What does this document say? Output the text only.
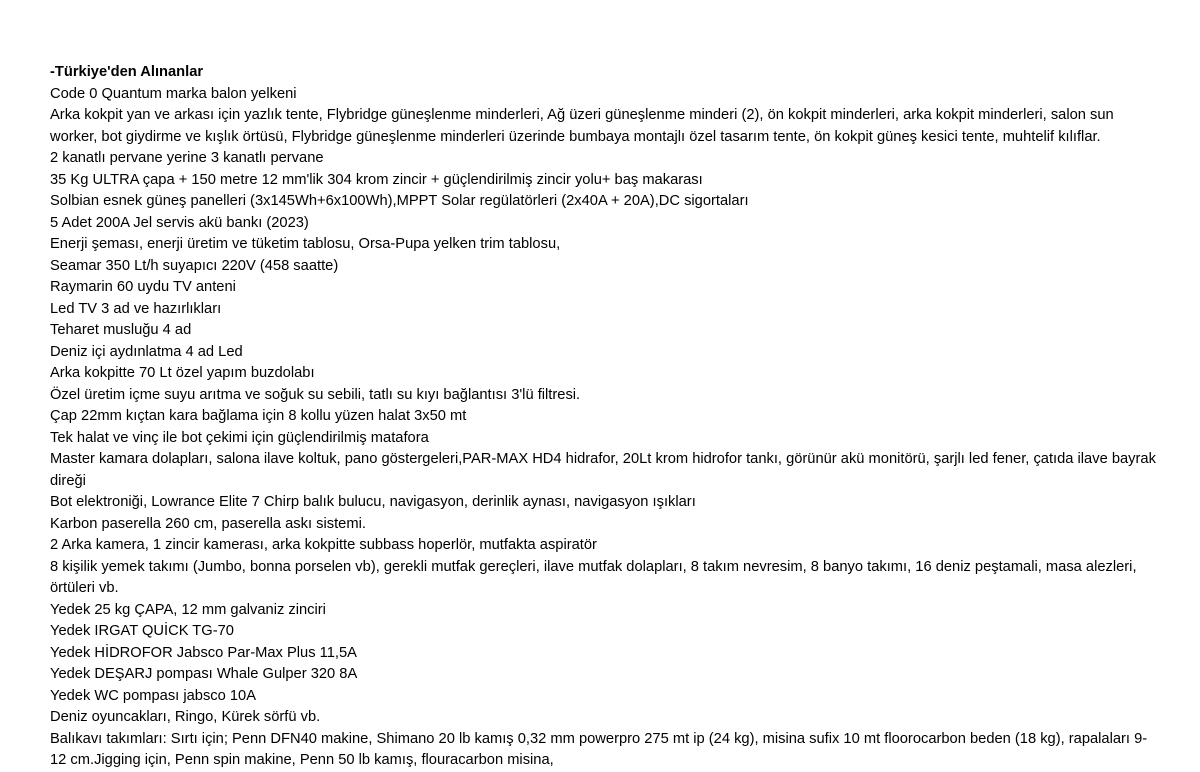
-Türkiye'den Alınanlar

Code 0 Quantum marka balon yelkeni

Arka kokpit yan ve arkası için yazlık tente, Flybridge güneşlenme minderleri, Ağ üzeri güneşlenme minderi (2), ön kokpit minderleri, arka kokpit minderleri, salon sun worker, bot giydirme ve kışlık örtüsü, Flybridge güneşlenme minderleri üzerinde bumbaya montajlı özel tasarım tente, ön kokpit güneş kesici tente, muhtelif kılıflar.

2 kanatlı pervane yerine 3 kanatlı pervane

35 Kg ULTRA çapa + 150 metre 12 mm'lik 304 krom zincir + güçlendirilmiş zincir yolu+ baş makarası

Solbian esnek güneş panelleri (3x145Wh+6x100Wh),MPPT Solar regülatörleri (2x40A + 20A),DC sigortaları

5 Adet 200A Jel servis akü bankı (2023)

Enerji şeması, enerji üretim ve tüketim tablosu, Orsa-Pupa yelken trim tablosu,

Seamar 350 Lt/h suyapıcı 220V (458 saatte)

Raymarin 60 uydu TV anteni

Led TV 3 ad ve hazırlıkları

Teharet musluğu 4 ad

Deniz içi aydınlatma 4 ad Led

Arka kokpitte 70 Lt özel yapım buzdolabı

Özel üretim içme suyu arıtma ve soğuk su sebili, tatlı su kıyı bağlantısı 3'lü filtresi.

Çap 22mm kıçtan kara bağlama için 8 kollu yüzen halat 3x50 mt

Tek halat ve vinç ile bot çekimi için güçlendirilmiş matafora

Master kamara dolapları, salona ilave koltuk, pano göstergeleri,PAR-MAX HD4 hidrafor, 20Lt krom hidrofor tankı, görünür akü monitörü, şarjlı led fener, çatıda ilave bayrak direği

Bot elektroniği, Lowrance Elite 7 Chirp balık bulucu, navigasyon, derinlik aynası, navigasyon ışıkları

Karbon paserella 260 cm, paserella askı sistemi.

2 Arka kamera, 1 zincir kamerası, arka kokpitte subbass hoperlör, mutfakta aspiratör

8 kişilik yemek takımı (Jumbo, bonna porselen vb), gerekli mutfak gereçleri, ilave mutfak dolapları, 8 takım nevresim, 8 banyo takımı, 16 deniz peştamali, masa alezleri, örtüleri vb.

Yedek 25 kg ÇAPA, 12 mm galvaniz zinciri

Yedek IRGAT QUİCK TG-70

Yedek HİDROFOR Jabsco Par-Max Plus 11,5A

Yedek DEŞARJ pompası Whale Gulper 320 8A

Yedek WC pompası jabsco 10A

Deniz oyuncakları, Ringo, Kürek sörfü vb.

Balıkavı takımları: Sırtı için; Penn DFN40 makine, Shimano 20 lb kamış 0,32 mm powerpro 275 mt ip (24 kg), misina sufix 10 mt floorocarbon beden (18 kg), rapalaları 9-12 cm.Jigging için, Penn spin makine, Penn 50 lb kamış, flouracarbon misina,
